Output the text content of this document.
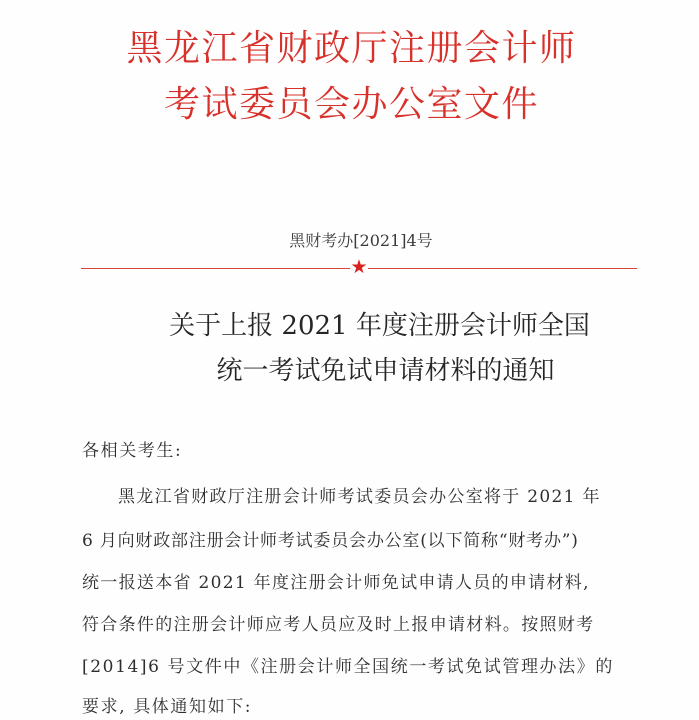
黑龙江省财政厅注册会计师
考试委员会办公室文件
黑财考办[2021]4号
★
关于上报 2021 年度注册会计师全国
统一考试免试申请材料的通知
各相关考生:
黑龙江省财政厅注册会计师考试委员会办公室将于 2021 年
6 月向财政部注册会计师考试委员会办公室(以下简称“财考办”)
统一报送本省 2021 年度注册会计师免试申请人员的申请材料,
符合条件的注册会计师应考人员应及时上报申请材料。按照财考
[2014]6 号文件中《注册会计师全国统一考试免试管理办法》的
要求, 具体通知如下:
